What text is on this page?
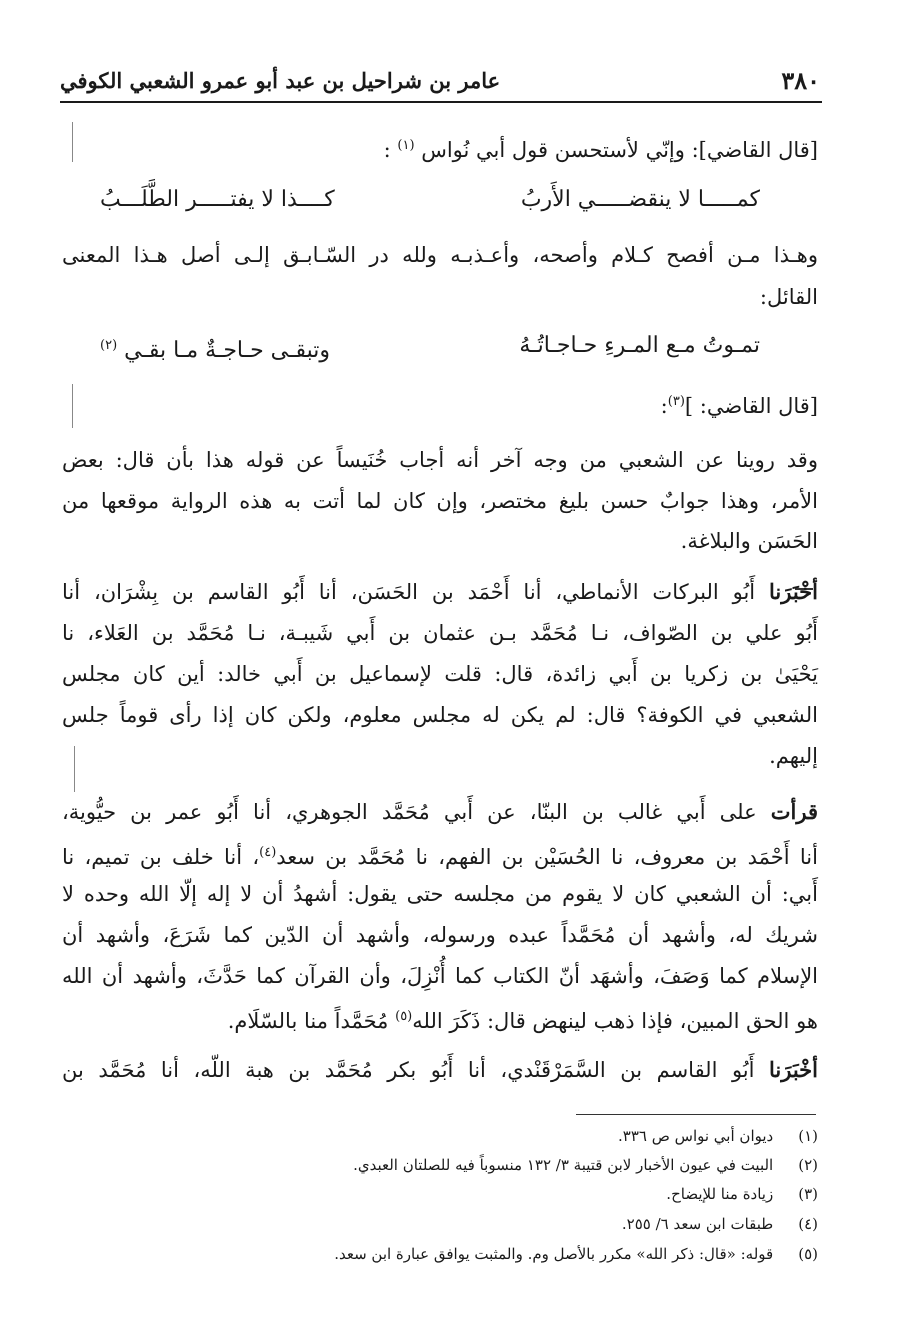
٣٨٠
عامر بن شراحيل بن عبد أبو عمرو الشعبي الكوفي
[قال القاضي]: وإنّي لأستحسن قول أبي نُواس $^{(١)}$ :
كمـــــا لا ينقضـــــي الأَربُ
كــــذا لا يفتـــــر الطَّلَـــبُ
وهـذا مـن أفصح كـلام وأصحه، وأعـذبـه ولله در السّـابـق إلـى أصل هـذا المعنى
القائل:
تمـوتُ مـع المـرءِ حـاجـاتُـهُ
وتبقـى حـاجـةٌ مـا بقـي $^{(٢)}$
[قال القاضي: ]$^{(٣)}$:
وقد روينا عن الشعبي من وجه آخر أنه أجاب خُنَيساً عن قوله هذا بأن قال: بعض
الأمر، وهذا جوابٌ حسن بليغ مختصر، وإن كان لما أتت به هذه الرواية موقعها من
الحَسَن والبلاغة.
أخْبَرَنا أَبُو البركات الأنماطي، أنا أَحْمَد بن الحَسَن، أنا أَبُو القاسم بن بِشْرَان، أنا
أَبُو علي بن الصّواف، نـا مُحَمَّد بـن عثمان بن أَبي شَيبـة، نـا مُحَمَّد بن العَلاء، نا
يَحْيَىٰ بن زكريا بن أَبي زائدة، قال: قلت لإسماعيل بن أَبي خالد: أين كان مجلس
الشعبي في الكوفة؟ قال: لم يكن له مجلس معلوم، ولكن كان إذا رأى قوماً جلس
إليهم.
قرأت على أَبي غالب بن البنّا، عن أَبي مُحَمَّد الجوهري، أنا أَبُو عمر بن حيُّوية،
أنا أَحْمَد بن معروف، نا الحُسَيْن بن الفهم، نا مُحَمَّد بن سعد$^{(٤)}$، أنا خلف بن تميم، نا
أَبي: أن الشعبي كان لا يقوم من مجلسه حتى يقول: أشهدُ أن لا إله إلّا الله وحده لا
شريك له، وأشهد أن مُحَمَّداً عبده ورسوله، وأشهد أن الدّين كما شَرَعَ، وأشهد أن
الإسلام كما وَصَفَ، وأشهَد أنّ الكتاب كما أُنْزِلَ، وأن القرآن كما حَدَّثَ، وأشهد أن الله
هو الحق المبين، فإذا ذهب لينهض قال: ذَكَرَ الله$^{(٥)}$ مُحَمَّداً منا بالسّلَام.
أخْبَرَنا أَبُو القاسم بن السَّمَرْقَنْدي، أنا أَبُو بكر مُحَمَّد بن هبة اللّه، أنا مُحَمَّد بن
(١) ديوان أبي نواس ص ٣٣٦.
(٢) البيت في عيون الأخبار لابن قتيبة ٣/ ١٣٢ منسوباً فيه للصلتان العبدي.
(٣) زيادة منا للإيضاح.
(٤) طبقات ابن سعد ٦/ ٢٥٥.
(٥) قوله: «قال: ذكر الله» مكرر بالأصل وم. والمثبت يوافق عبارة ابن سعد.
